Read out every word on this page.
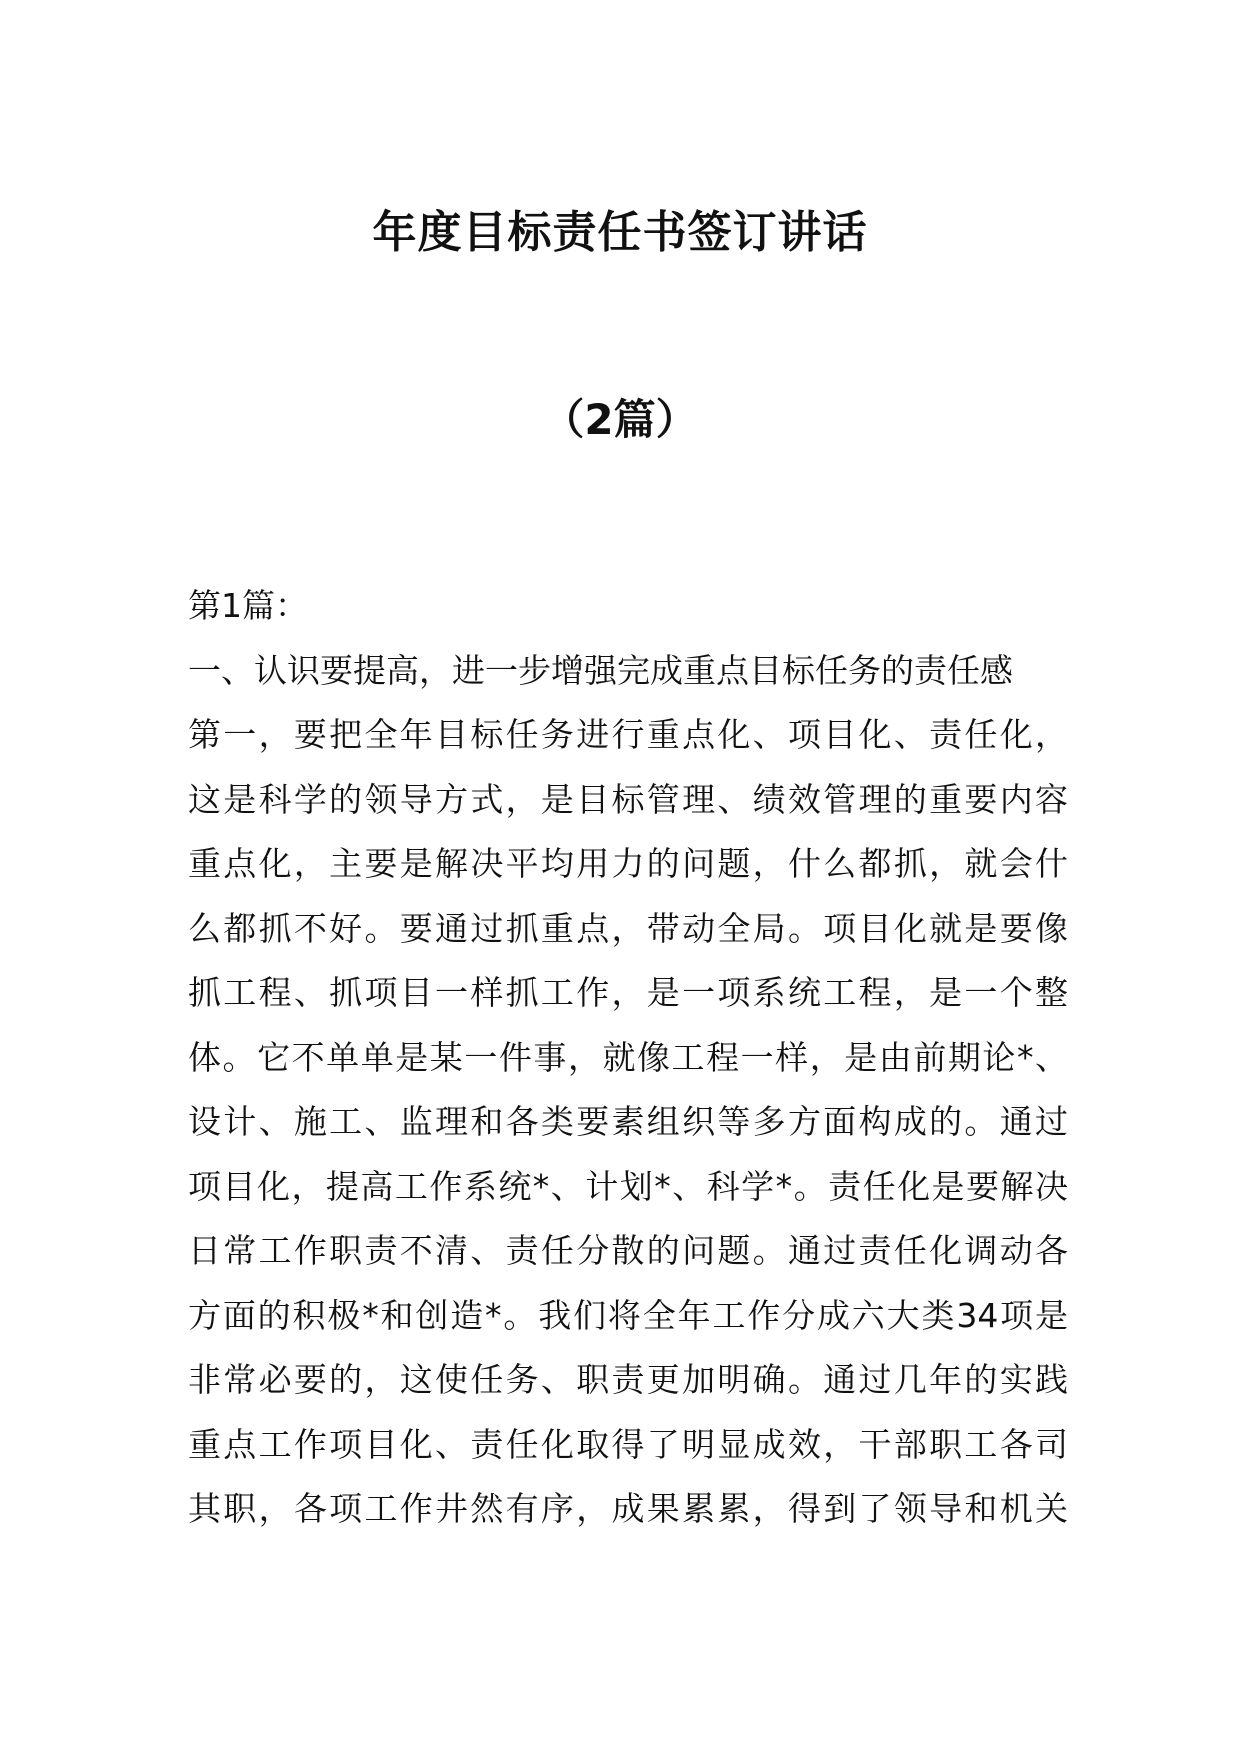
年度目标责任书签订讲话
（2篇）
第1篇：
一、认识要提高，进一步增强完成重点目标任务的责任感
第一，要把全年目标任务进行重点化、项目化、责任化，
这是科学的领导方式，是目标管理、绩效管理的重要内容
重点化，主要是解决平均用力的问题，什么都抓，就会什
么都抓不好。要通过抓重点，带动全局。项目化就是要像
抓工程、抓项目一样抓工作，是一项系统工程，是一个整
体。它不单单是某一件事，就像工程一样，是由前期论*、
设计、施工、监理和各类要素组织等多方面构成的。通过
项目化，提高工作系统*、计划*、科学*。责任化是要解决
日常工作职责不清、责任分散的问题。通过责任化调动各
方面的积极*和创造*。我们将全年工作分成六大类34项是
非常必要的，这使任务、职责更加明确。通过几年的实践
重点工作项目化、责任化取得了明显成效，干部职工各司
其职，各项工作井然有序，成果累累，得到了领导和机关
